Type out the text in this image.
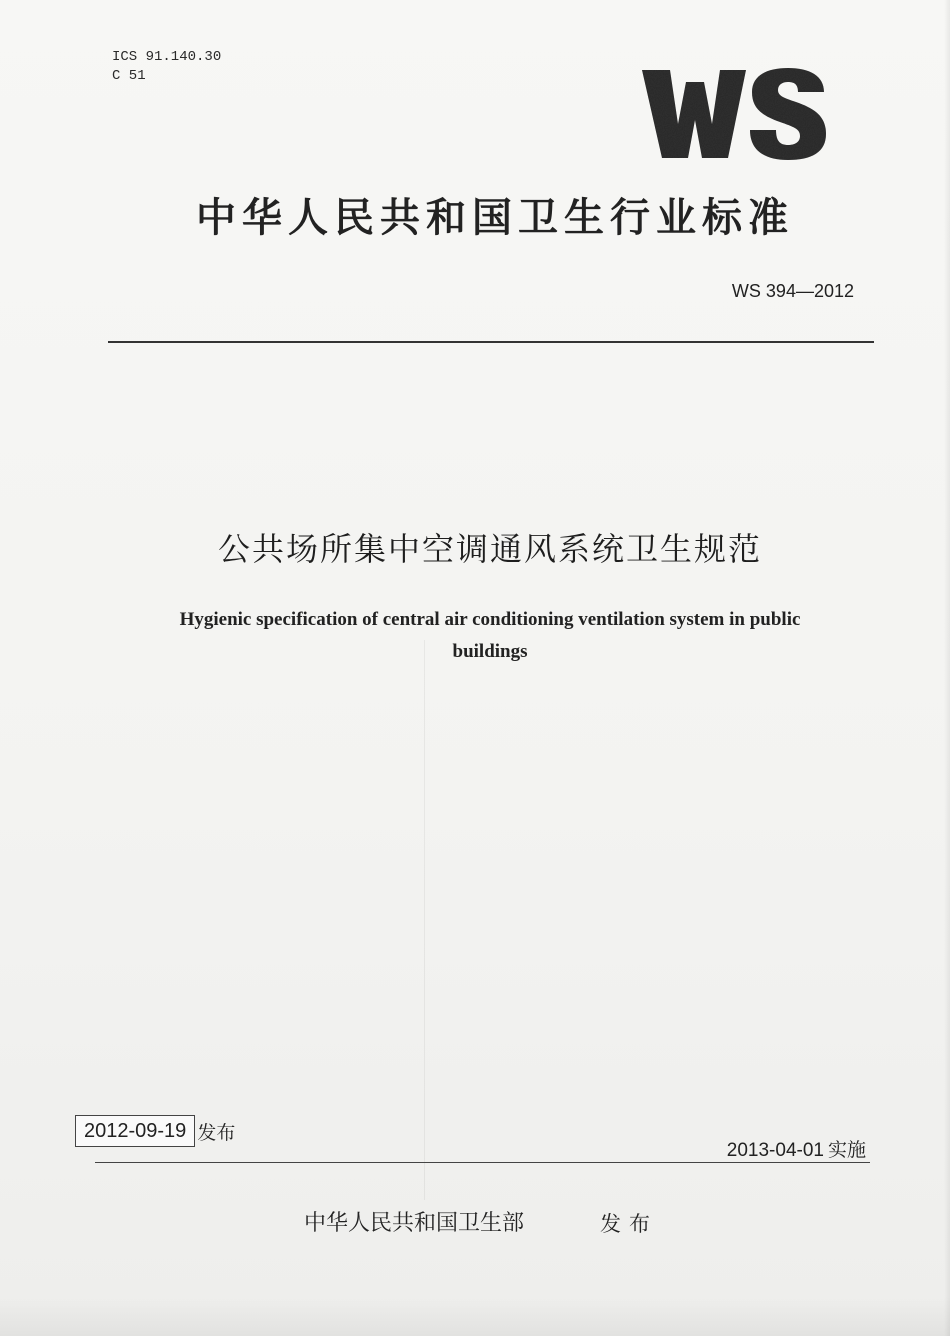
ICS 91.140.30
C 51
中华人民共和国卫生行业标准
WS 394—2012
公共场所集中空调通风系统卫生规范
Hygienic specification of central air conditioning ventilation system in public buildings
2012-09-19 发布
2013-04-01 实施
中华人民共和国卫生部	发布
